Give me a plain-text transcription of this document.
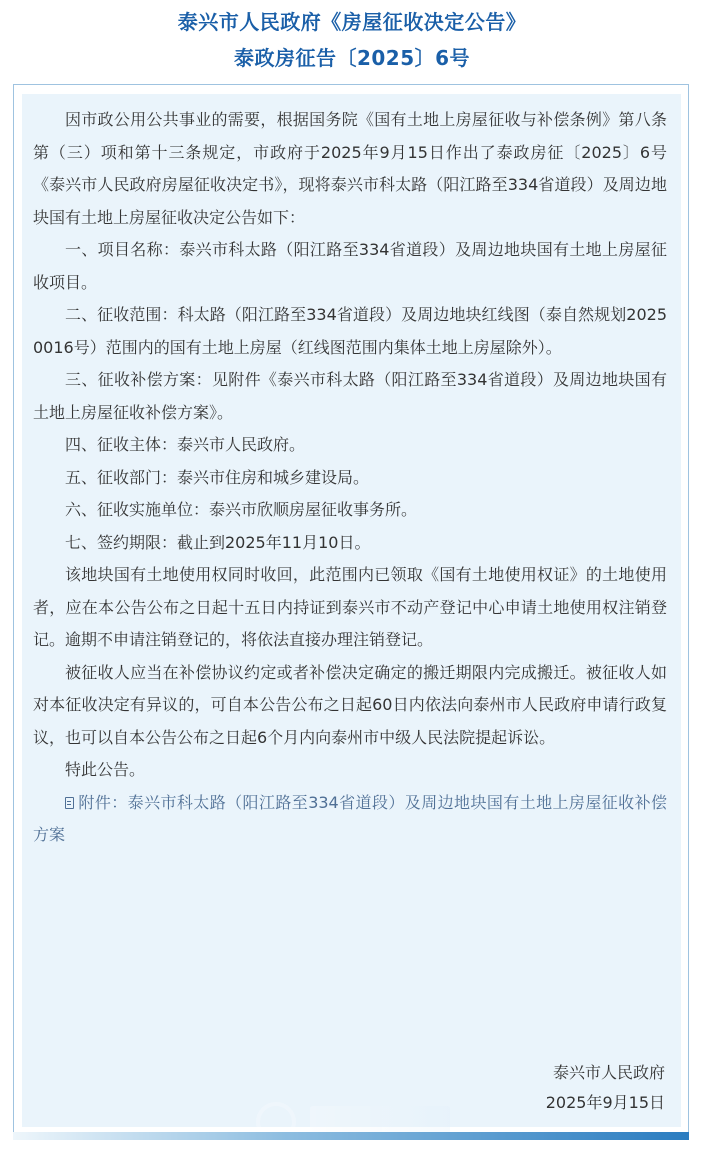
泰兴市人民政府《房屋征收决定公告》
泰政房征告〔2025〕6号

因市政公用公共事业的需要，根据国务院《国有土地上房屋征收与补偿条例》第八条第（三）项和第十三条规定，市政府于2025年9月15日作出了泰政房征〔2025〕6号《泰兴市人民政府房屋征收决定书》，现将泰兴市科太路（阳江路至334省道段）及周边地块国有土地上房屋征收决定公告如下：

一、项目名称：泰兴市科太路（阳江路至334省道段）及周边地块国有土地上房屋征收项目。

二、征收范围：科太路（阳江路至334省道段）及周边地块红线图（泰自然规划20250016号）范围内的国有土地上房屋（红线图范围内集体土地上房屋除外）。

三、征收补偿方案：见附件《泰兴市科太路（阳江路至334省道段）及周边地块国有土地上房屋征收补偿方案》。

四、征收主体：泰兴市人民政府。

五、征收部门：泰兴市住房和城乡建设局。

六、征收实施单位：泰兴市欣顺房屋征收事务所。

七、签约期限：截止到2025年11月10日。

该地块国有土地使用权同时收回，此范围内已领取《国有土地使用权证》的土地使用者，应在本公告公布之日起十五日内持证到泰兴市不动产登记中心申请土地使用权注销登记。逾期不申请注销登记的，将依法直接办理注销登记。

被征收人应当在补偿协议约定或者补偿决定确定的搬迁期限内完成搬迁。被征收人如对本征收决定有异议的，可自本公告公布之日起60日内依法向泰州市人民政府申请行政复议，也可以自本公告公布之日起6个月内向泰州市中级人民法院提起诉讼。

特此公告。

附件：泰兴市科太路（阳江路至334省道段）及周边地块国有土地上房屋征收补偿方案

泰兴市人民政府
2025年9月15日
